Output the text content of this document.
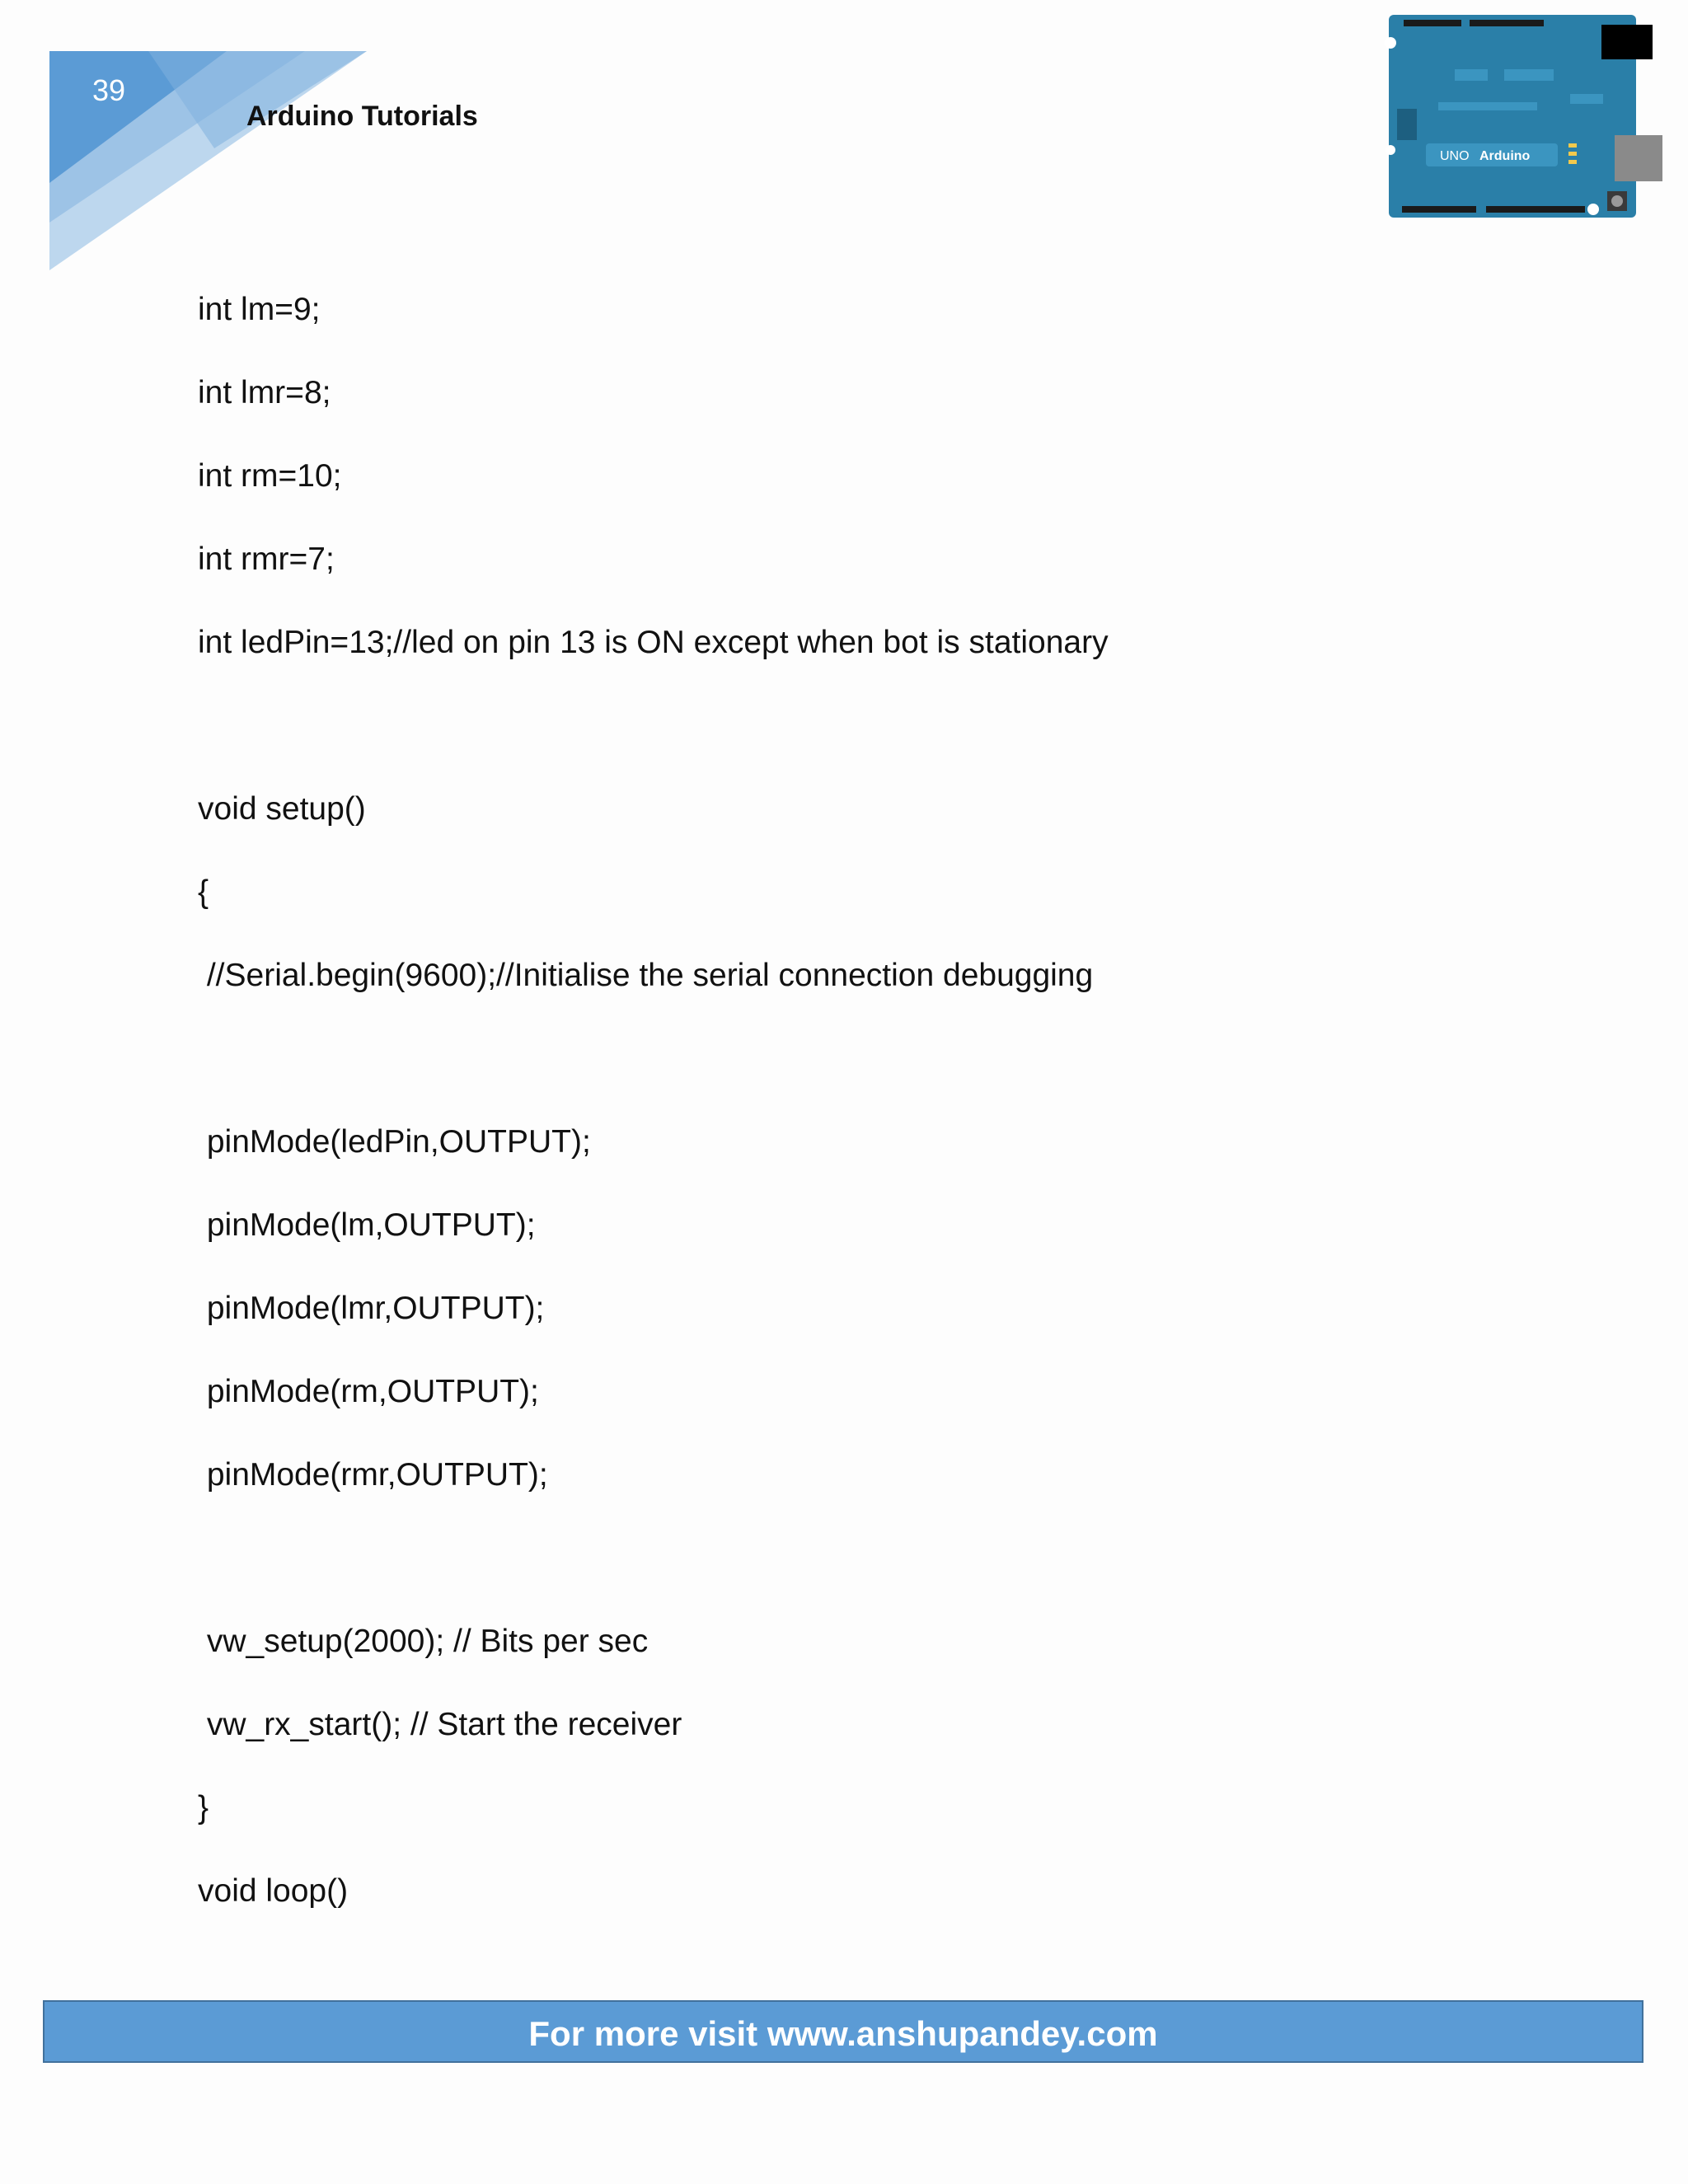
39
Arduino Tutorials
UNO Arduino
int lm=9;
int lmr=8;
int rm=10;
int rmr=7;
int ledPin=13;//led on pin 13 is ON except when bot is stationary
void setup()
{
//Serial.begin(9600);//Initialise the serial connection debugging
pinMode(ledPin,OUTPUT);
pinMode(lm,OUTPUT);
pinMode(lmr,OUTPUT);
pinMode(rm,OUTPUT);
pinMode(rmr,OUTPUT);
vw_setup(2000); // Bits per sec
vw_rx_start(); // Start the receiver
}
void loop()
For more visit www.anshupandey.com
